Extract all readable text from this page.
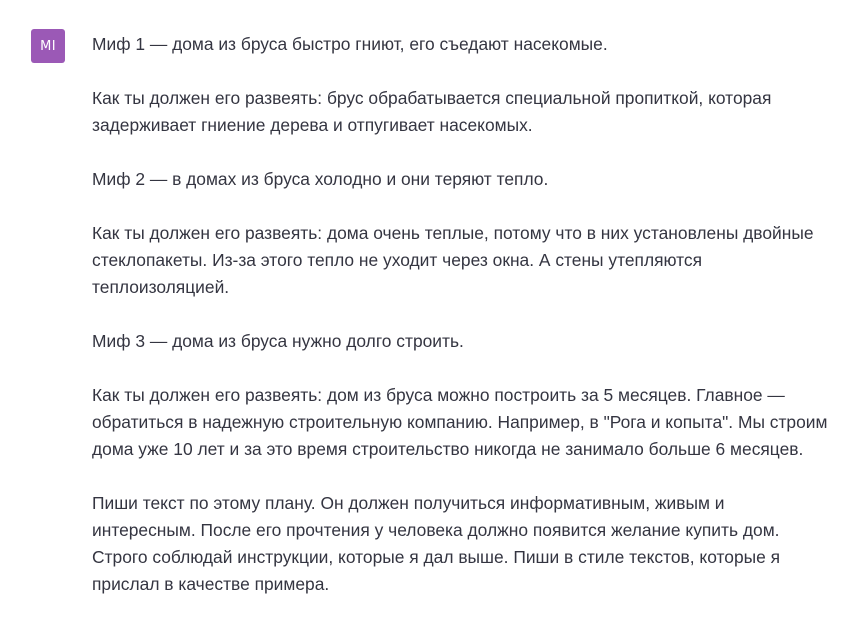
MI	Миф 1 — дома из бруса быстро гниют, его съедают насекомые.

Как ты должен его развеять: брус обрабатывается специальной пропиткой, которая задерживает гниение дерева и отпугивает насекомых.

Миф 2 — в домах из бруса холодно и они теряют тепло.

Как ты должен его развеять: дома очень теплые, потому что в них установлены двойные стеклопакеты. Из-за этого тепло не уходит через окна. А стены утепляются теплоизоляцией.

Миф 3 — дома из бруса нужно долго строить.

Как ты должен его развеять: дом из бруса можно построить за 5 месяцев. Главное — обратиться в надежную строительную компанию. Например, в "Рога и копыта". Мы строим дома уже 10 лет и за это время строительство никогда не занимало больше 6 месяцев.

Пиши текст по этому плану. Он должен получиться информативным, живым и интересным. После его прочтения у человека должно появится желание купить дом. Строго соблюдай инструкции, которые я дал выше. Пиши в стиле текстов, которые я прислал в качестве примера.
